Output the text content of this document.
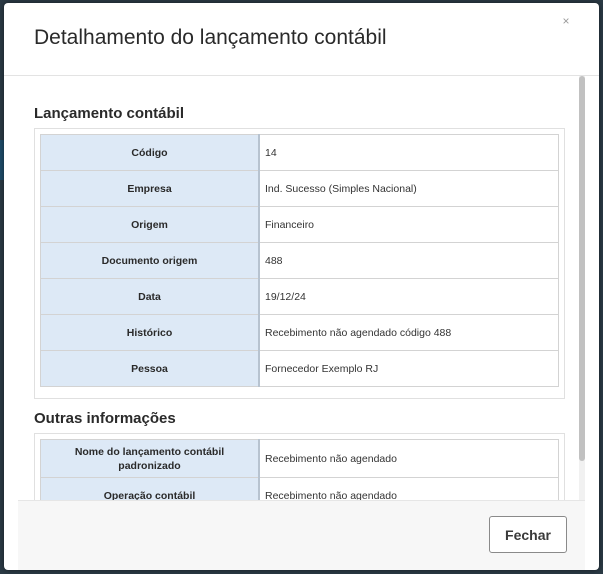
Detalhamento do lançamento contábil
×
Lançamento contábil
Código	14
Empresa	Ind. Sucesso (Simples Nacional)
Origem	Financeiro
Documento origem	488
Data	19/12/24
Histórico	Recebimento não agendado código 488
Pessoa	Fornecedor Exemplo RJ
Outras informações
Nome do lançamento contábil padronizado	Recebimento não agendado
Operação contábil	Recebimento não agendado
Fechar
